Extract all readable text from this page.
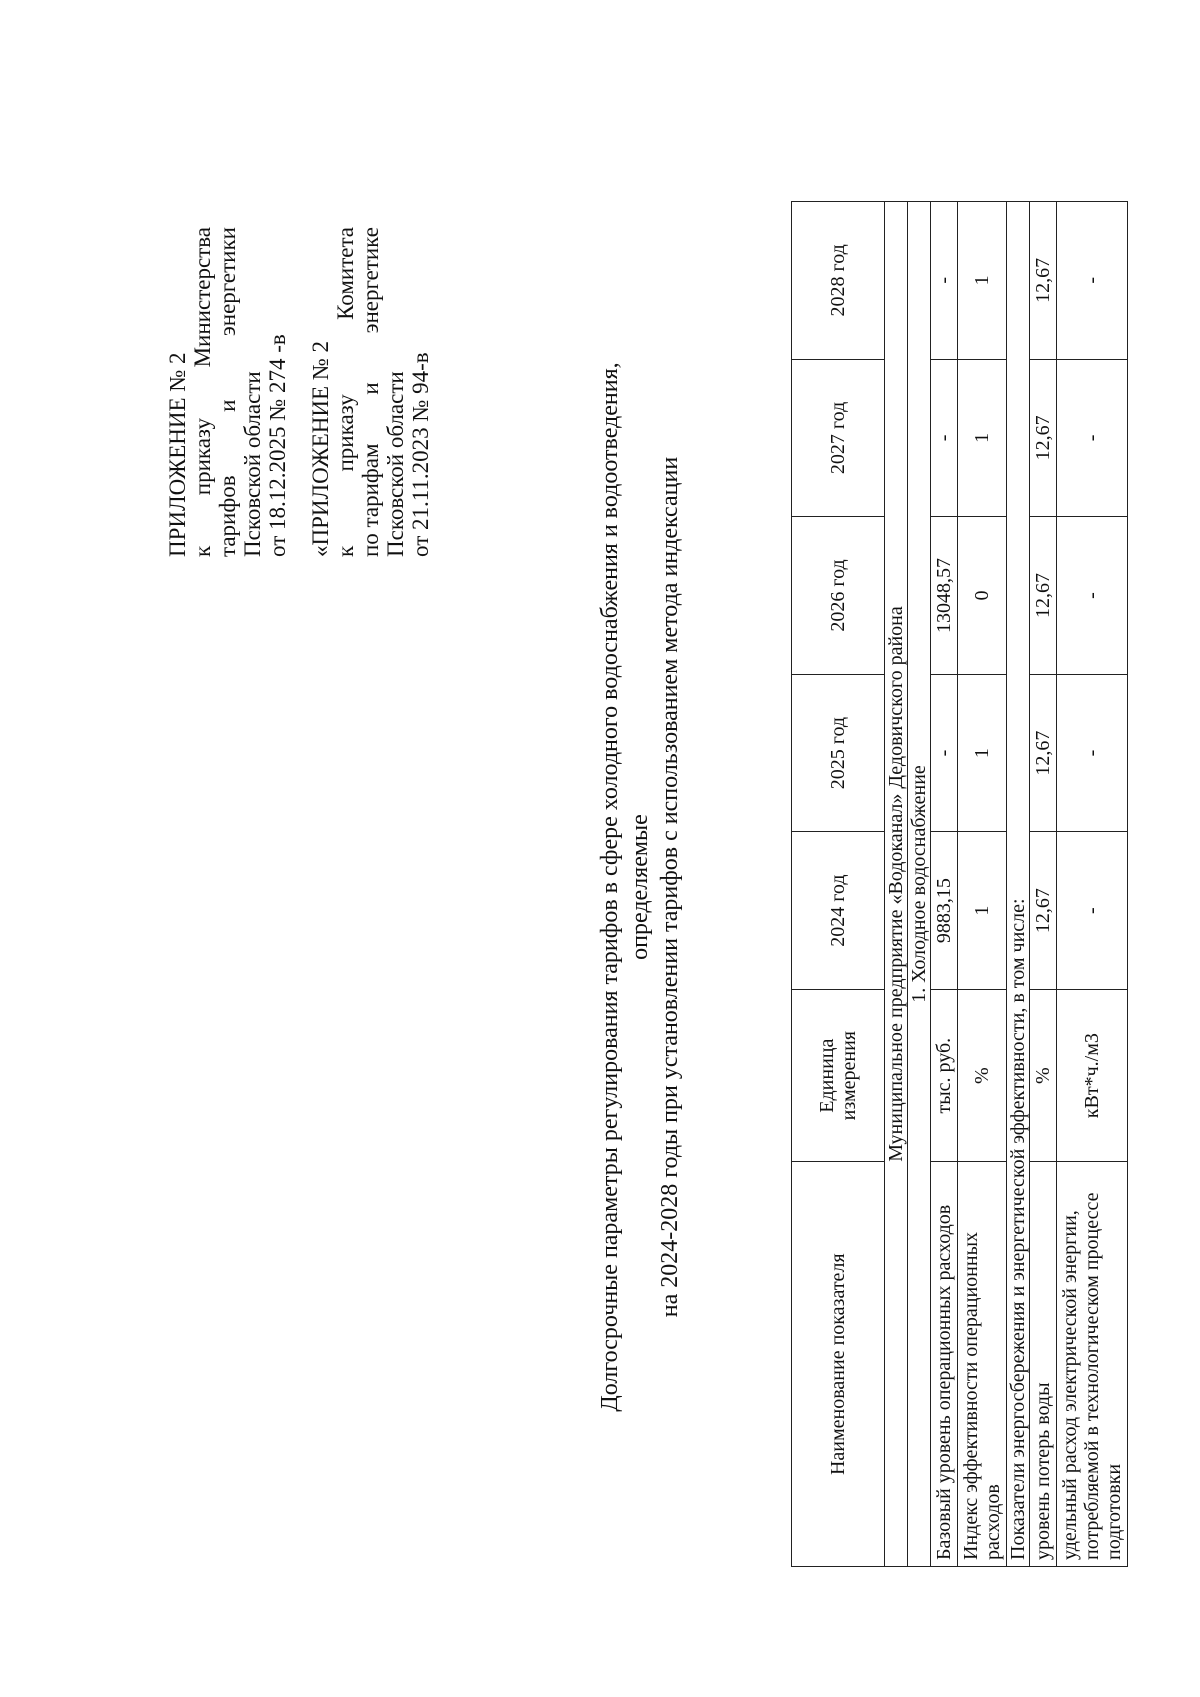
ПРИЛОЖЕНИЕ № 2 к
приказу
Министерства
тарифов
и
энергетики
Псковской области от 18.12.2025 № 274 -в «ПРИЛОЖЕНИЕ № 2 к
приказу
Комитета
по тарифам
и
энергетике
Псковской области от 21.11.2023 № 94-в	Долгосрочные параметры регулирования тарифов в сфере холодного водоснабжения и водоотведения, определяемые на 2024-2028 годы при установлении тарифов с использованием метода индексации
Наименование показателя	Единица измерения	2024 год	2025 год	2026 год	2027 год	2028 год
Муниципальное предприятие «Водоканал» Дедовичского района						
1. Холодное водоснабжение						
Базовый уровень операционных расходов	тыс. руб.	9883,15	-	13048,57	-	-
Индекс эффективности операционных расходов	%	1	1	0	1	1
Показатели энергосбережения и энергетической эффективности, в том числе:						
уровень потерь воды	%	12,67	12,67	12,67	12,67	12,67
удельный расход электрической энергии, потребляемой в технологическом процессе подготовки	кВт*ч./м3	-	-	-	-	-
